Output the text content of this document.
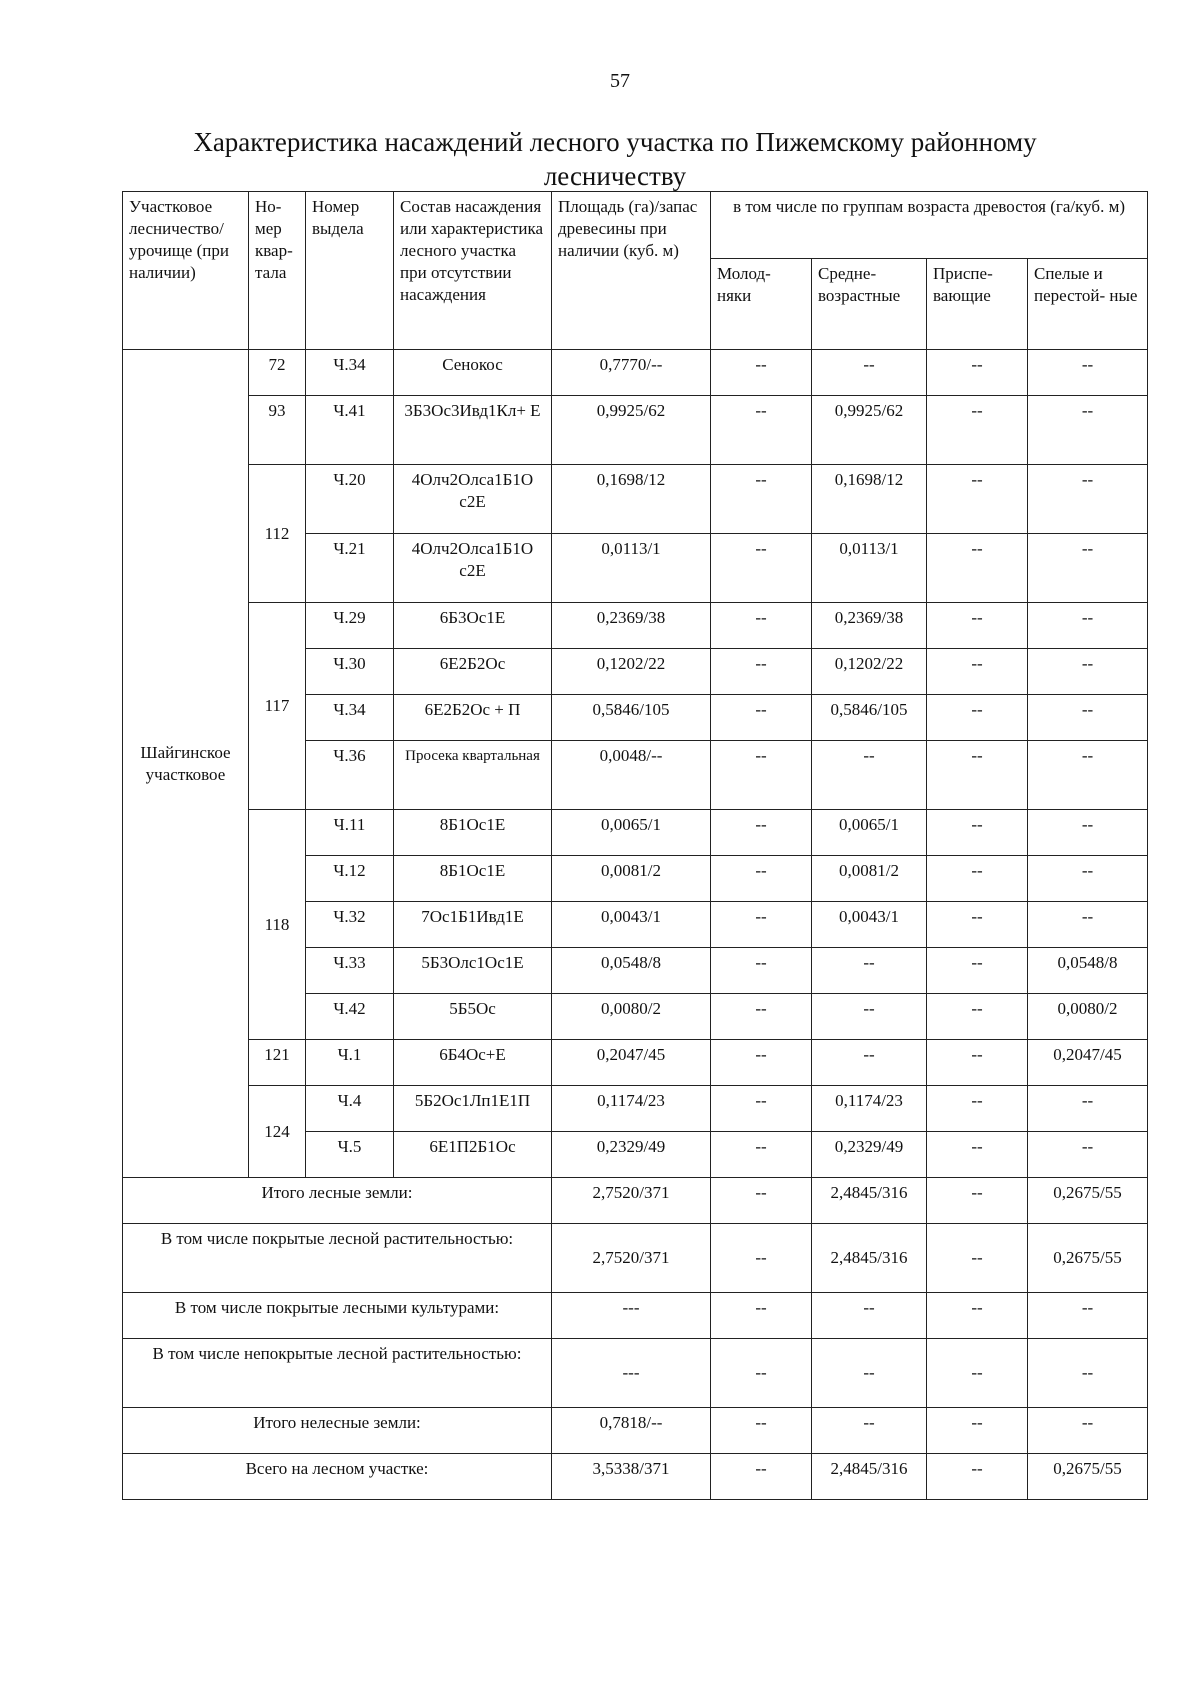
57
Характеристика насаждений лесного участка по Пижемскому районному лесничеству
Участковое лесничество/ урочище (при наличии)	Но- мер квар- тала	Номер выдела	Состав насаждения или характеристика лесного участка при отсутствии насаждения	Площадь (га)/запас древесины при наличии (куб. м)	в том числе по группам возраста древостоя (га/куб. м)			
					Молод- няки	Средне- возрастные	Приспе- вающие	Спелые и перестой- ные
Шайгинское участковое	72	Ч.34	Сенокос	0,7770/--	--	--	--	--
	93	Ч.41	3Б3Ос3Ивд1Кл+ Е	0,9925/62	--	0,9925/62	--	--
	112	Ч.20	4Олч2Олса1Б1О с2Е	0,1698/12	--	0,1698/12	--	--
		Ч.21	4Олч2Олса1Б1О с2Е	0,0113/1	--	0,0113/1	--	--
	117	Ч.29	6Б3Ос1Е	0,2369/38	--	0,2369/38	--	--
		Ч.30	6Е2Б2Ос	0,1202/22	--	0,1202/22	--	--
		Ч.34	6Е2Б2Ос + П	0,5846/105	--	0,5846/105	--	--
		Ч.36	Просека квартальная	0,0048/--	--	--	--	--
	118	Ч.11	8Б1Ос1Е	0,0065/1	--	0,0065/1	--	--
		Ч.12	8Б1Ос1Е	0,0081/2	--	0,0081/2	--	--
		Ч.32	7Ос1Б1Ивд1Е	0,0043/1	--	0,0043/1	--	--
		Ч.33	5Б3Олс1Ос1Е	0,0548/8	--	--	--	0,0548/8
		Ч.42	5Б5Ос	0,0080/2	--	--	--	0,0080/2
	121	Ч.1	6Б4Ос+Е	0,2047/45	--	--	--	0,2047/45
	124	Ч.4	5Б2Ос1Лп1Е1П	0,1174/23	--	0,1174/23	--	--
		Ч.5	6Е1П2Б1Ос	0,2329/49	--	0,2329/49	--	--
Итого лесные земли:				2,7520/371	--	2,4845/316	--	0,2675/55
В том числе покрытые лесной растительностью:				2,7520/371	--	2,4845/316	--	0,2675/55
В том числе покрытые лесными культурами:				---	--	--	--	--
В том числе непокрытые лесной растительностью:				---	--	--	--	--
Итого нелесные земли:				0,7818/--	--	--	--	--
Всего на лесном участке:				3,5338/371	--	2,4845/316	--	0,2675/55
